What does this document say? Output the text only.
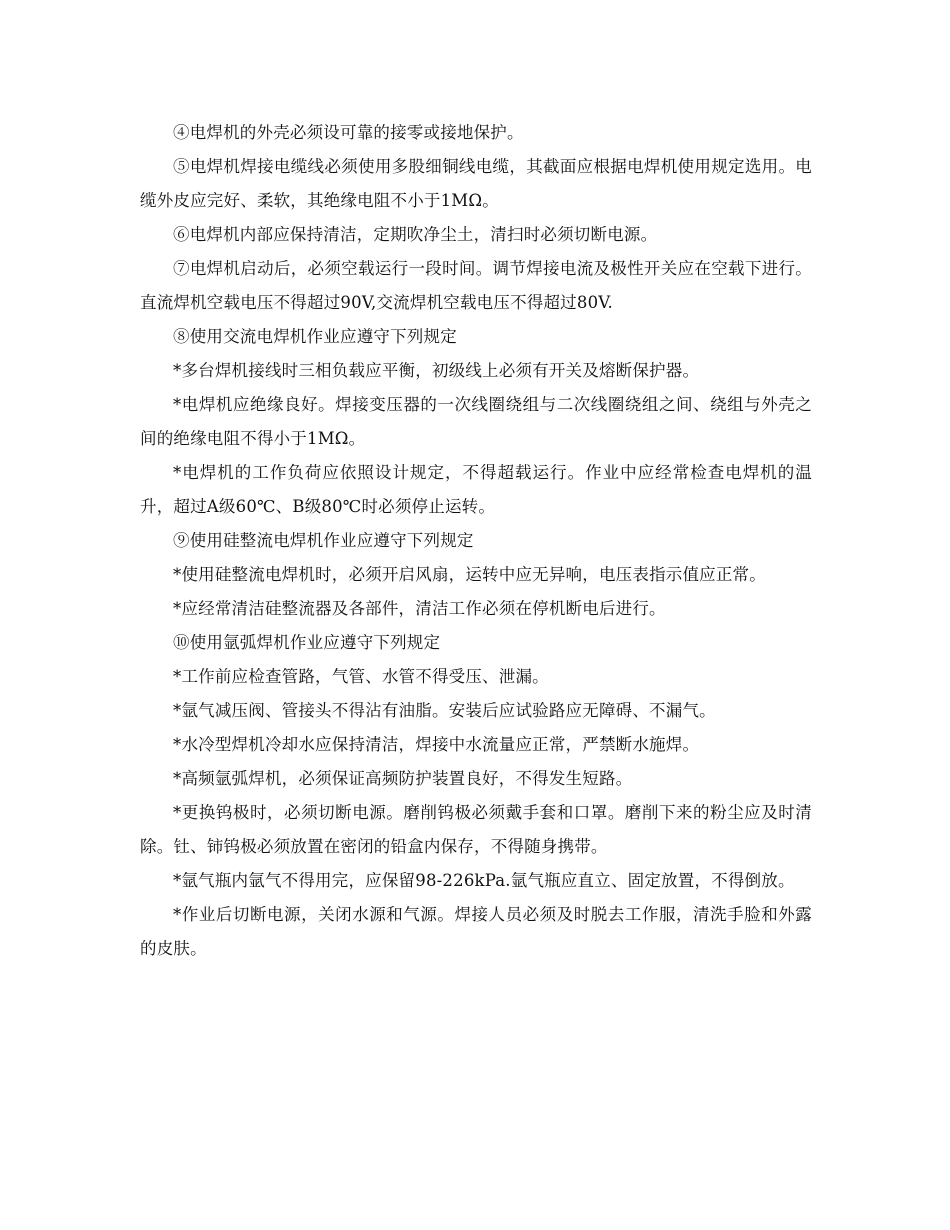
④电焊机的外壳必须设可靠的接零或接地保护。

⑤电焊机焊接电缆线必须使用多股细铜线电缆，其截面应根据电焊机使用规定选用。电缆外皮应完好、柔软，其绝缘电阻不小于1MΩ。

⑥电焊机内部应保持清洁，定期吹净尘土，清扫时必须切断电源。

⑦电焊机启动后，必须空载运行一段时间。调节焊接电流及极性开关应在空载下进行。直流焊机空载电压不得超过90V,交流焊机空载电压不得超过80V.

⑧使用交流电焊机作业应遵守下列规定

*多台焊机接线时三相负载应平衡，初级线上必须有开关及熔断保护器。

*电焊机应绝缘良好。焊接变压器的一次线圈绕组与二次线圈绕组之间、绕组与外壳之间的绝缘电阻不得小于1MΩ。

*电焊机的工作负荷应依照设计规定，不得超载运行。作业中应经常检查电焊机的温升，超过A级60℃、B级80℃时必须停止运转。

⑨使用硅整流电焊机作业应遵守下列规定

*使用硅整流电焊机时，必须开启风扇，运转中应无异响，电压表指示值应正常。

*应经常清洁硅整流器及各部件，清洁工作必须在停机断电后进行。

⑩使用氩弧焊机作业应遵守下列规定

*工作前应检查管路，气管、水管不得受压、泄漏。

*氩气减压阀、管接头不得沾有油脂。安装后应试验路应无障碍、不漏气。

*水冷型焊机冷却水应保持清洁，焊接中水流量应正常，严禁断水施焊。

*高频氩弧焊机，必须保证高频防护装置良好，不得发生短路。

*更换钨极时，必须切断电源。磨削钨极必须戴手套和口罩。磨削下来的粉尘应及时清除。钍、铈钨极必须放置在密闭的铅盒内保存，不得随身携带。

*氩气瓶内氩气不得用完，应保留98-226kPa.氩气瓶应直立、固定放置，不得倒放。

*作业后切断电源，关闭水源和气源。焊接人员必须及时脱去工作服，清洗手脸和外露的皮肤。
